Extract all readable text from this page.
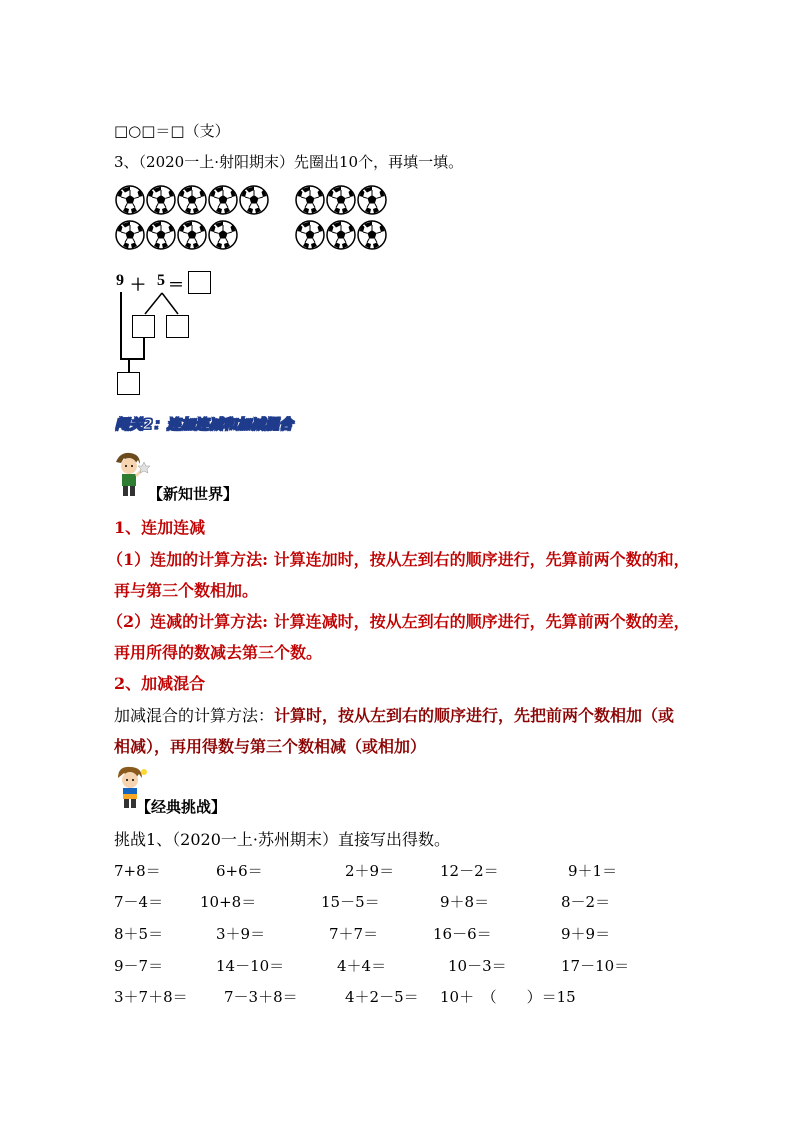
□○□＝□（支）
3、（2020一上·射阳期末）先圈出10个，再填一填。
9 ＋ 5 ＝
闯关2：连加连减和加减混合
【新知世界】
1、连加连减
（1）连加的计算方法: 计算连加时，按从左到右的顺序进行，先算前两个数的和，
再与第三个数相加。
（2）连减的计算方法: 计算连减时，按从左到右的顺序进行，先算前两个数的差，
再用所得的数减去第三个数。
2、加减混合
加减混合的计算方法：计算时，按从左到右的顺序进行，先把前两个数相加（或
相减），再用得数与第三个数相减（或相加）
【经典挑战】
挑战1、（2020一上·苏州期末）直接写出得数。
7+8＝	6+6＝	2＋9＝	12－2＝	9＋1＝
7－4＝ 10+8＝	15－5＝	9＋8＝	8－2＝
8＋5＝	3＋9＝	7＋7＝	16－6＝	9＋9＝
9－7＝	14－10＝	4＋4＝	10－3＝	17－10＝
3＋7＋8＝ 7－3＋8＝	4＋2－5＝ 10＋　（　　）＝15
